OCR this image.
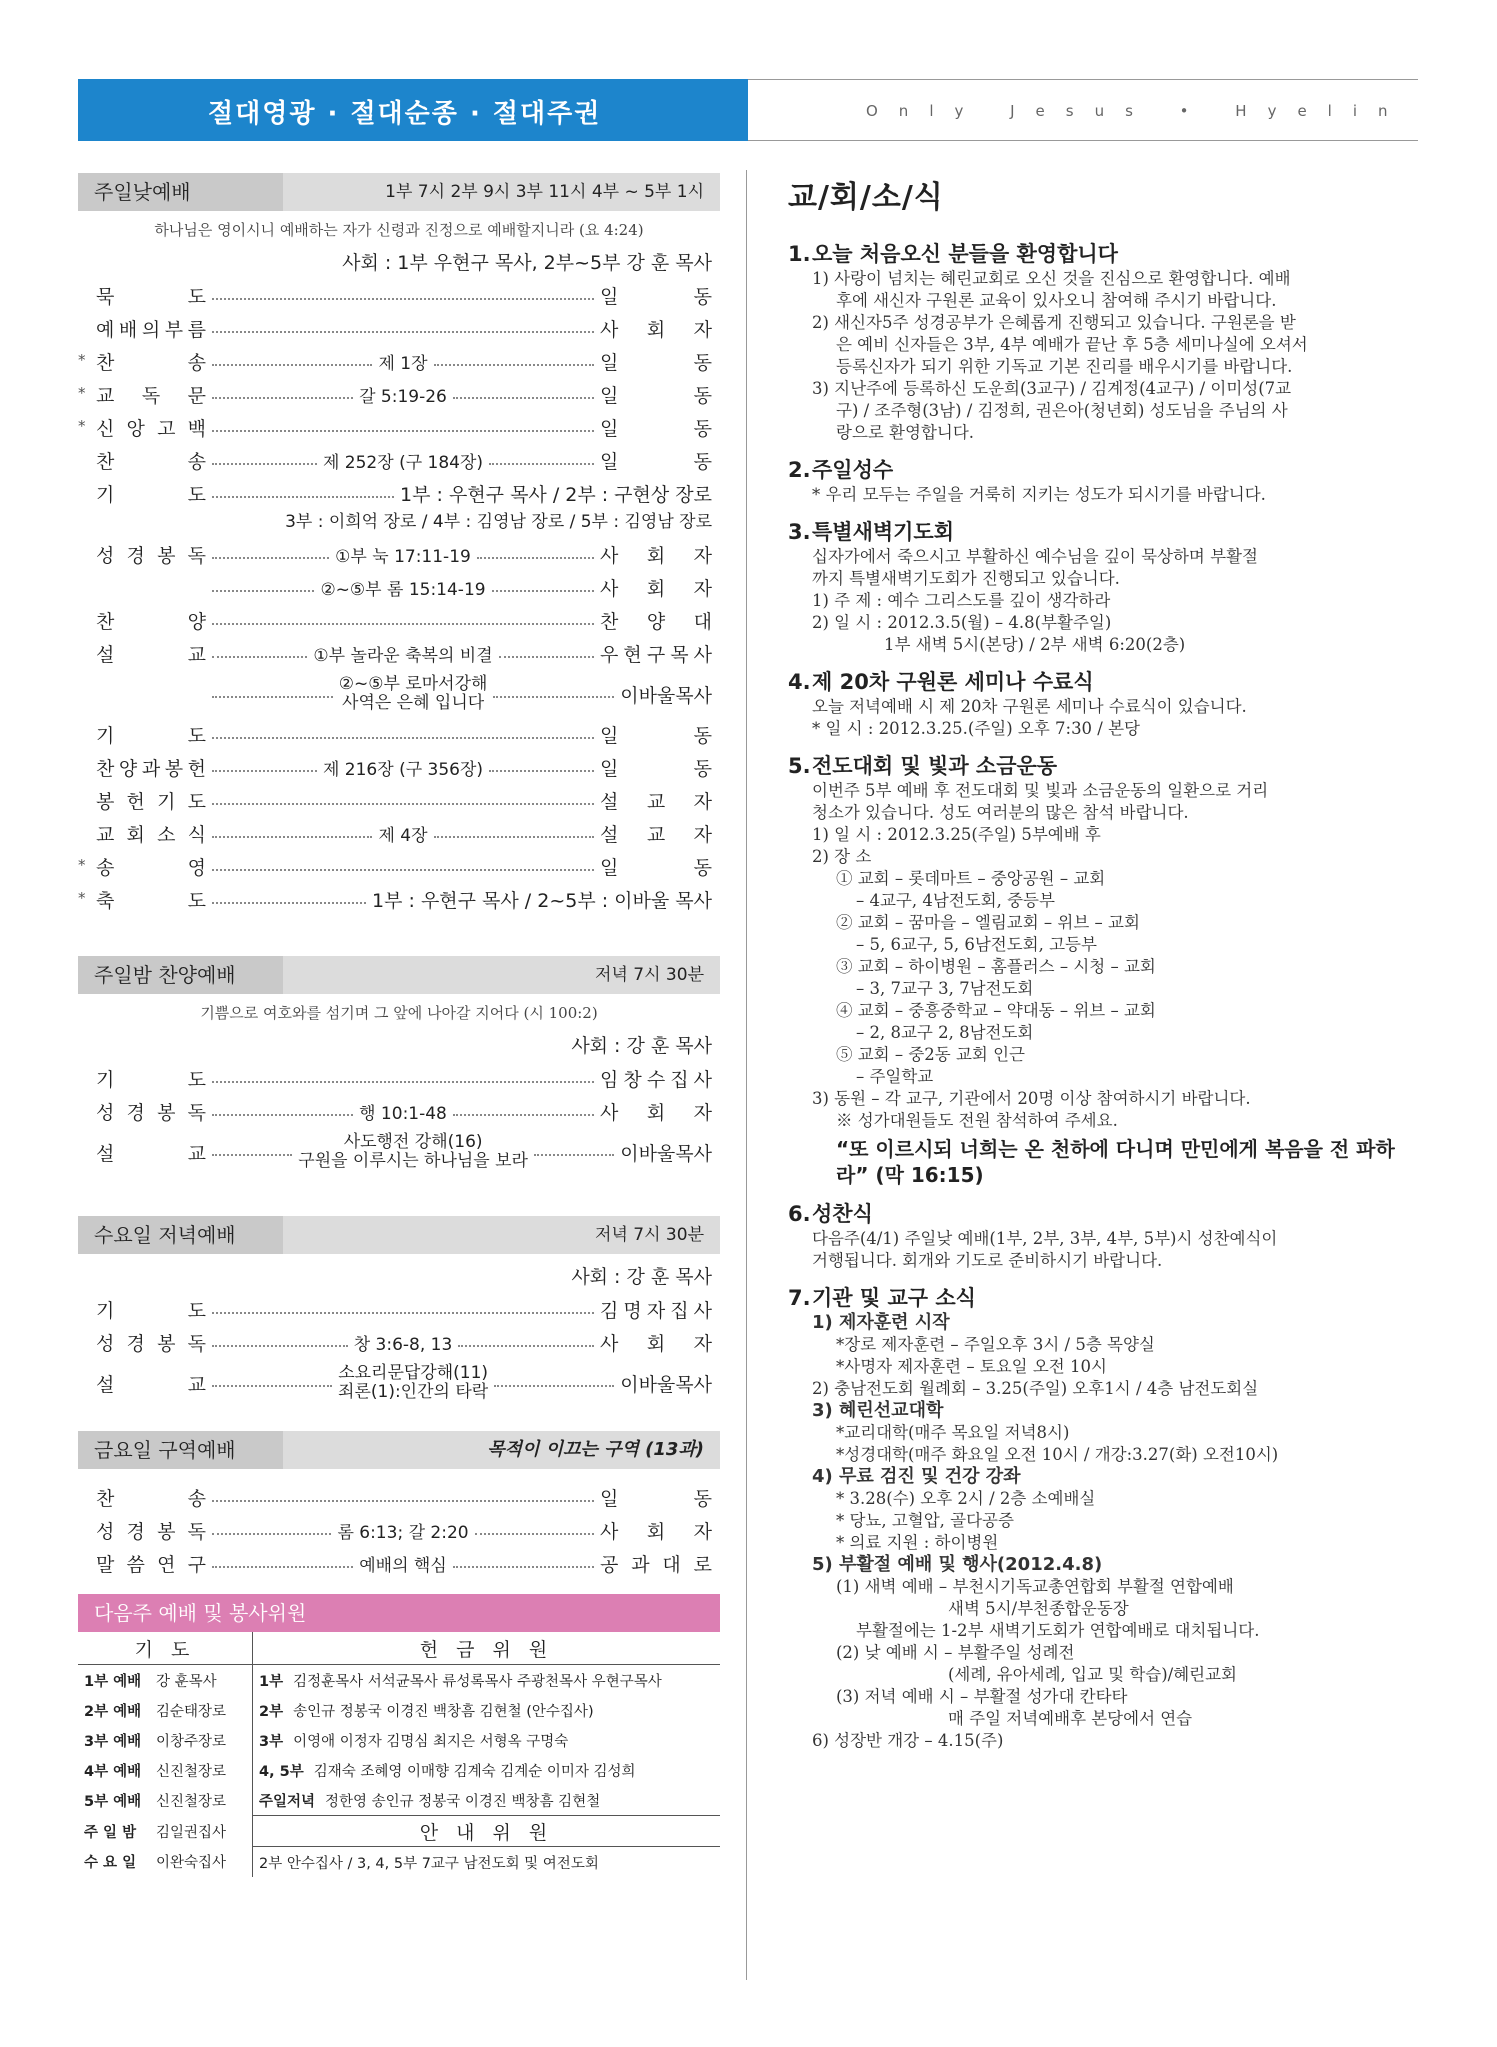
절대영광 · 절대순종 · 절대주권	Only Jesus • Hyelin
주일낮예배	1부 7시 2부 9시 3부 11시 4부 ~ 5부 1시
하나님은 영이시니 예배하는 자가 신령과 진정으로 예배할지니라 (요 4:24)
사회 : 1부 우현구 목사, 2부~5부 강 훈 목사
묵	도	일	동
예 배 의 부 름	사 회 자
* 찬	송	제 1장	일	동
* 교 독 문	갈 5:19-26	일	동
* 신 앙 고 백	일	동
찬	송	제 252장 (구 184장)	일	동
기	도	1부 : 우현구 목사 / 2부 : 구현상 장로
3부 : 이희억 장로 / 4부 : 김영남 장로 / 5부 : 김영남 장로
성 경 봉 독	①부 눅 17:11-19	사 회 자
②~⑤부 롬 15:14-19	사 회 자
찬	양	찬 양 대
설	교	①부 놀라운 축복의 비결	우 현 구 목 사
②~⑤부 로마서강해
사역은 은혜 입니다	이바울목사
기	도	일	동
찬 양 과 봉 헌	제 216장 (구 356장)	일	동
봉 헌 기 도	설 교 자
교 회 소 식	제 4장	설 교 자
* 송	영	일	동
* 축	도	1부 : 우현구 목사 / 2~5부 : 이바울 목사
주일밤 찬양예배	저녁 7시 30분
기쁨으로 여호와를 섬기며 그 앞에 나아갈 지어다 (시 100:2)
사회 : 강 훈 목사
기	도	임 창 수 집 사
성 경 봉 독	행 10:1-48	사 회 자
설	교
사도행전 강해(16)
구원을 이루시는 하나님을 보라	이바울목사
수요일 저녁예배	저녁 7시 30분
사회 : 강 훈 목사
기	도	김 명 자 집 사
성 경 봉 독	창 3:6-8, 13	사 회 자
설	교
소요리문답강해(11)
죄론(1):인간의 타락	이바울목사
금요일 구역예배	목적이 이끄는 구역 (13과)
찬	송	일	동
성 경 봉 독	롬 6:13; 갈 2:20	사 회 자
말 씀 연 구	예배의 핵심	공 과 대 로
다음주 예배 및 봉사위원
기 도		헌 금 위 원
1부 예배	강 훈목사	1부 김정훈목사 서석균목사 류성록목사 주광천목사 우현구목사
2부 예배	김순태장로	2부 송인규 정봉국 이경진 백창흠 김현철 (안수집사)
3부 예배	이창주장로	3부 이영애 이정자 김명심 최지은 서형옥 구명숙
4부 예배	신진철장로	4, 5부 김재숙 조혜영 이매향 김계숙 김계순 이미자 김성희
5부 예배	신진철장로	주일저녁 정한영 송인규 정봉국 이경진 백창흠 김현철
주 일 밤	김일권집사	안 내 위 원
수 요 일	이완숙집사	2부 안수집사 / 3, 4, 5부 7교구 남전도회 및 여전도회
교/회/소/식
1.오늘 처음오신 분들을 환영합니다
1) 사랑이 넘치는 혜린교회로 오신 것을 진심으로 환영합니다. 예배
후에 새신자 구원론 교육이 있사오니 참여해 주시기 바랍니다.
2) 새신자5주 성경공부가 은혜롭게 진행되고 있습니다. 구원론을 받
은 예비 신자들은 3부, 4부 예배가 끝난 후 5층 세미나실에 오셔서
등록신자가 되기 위한 기독교 기본 진리를 배우시기를 바랍니다.
3) 지난주에 등록하신 도운희(3교구) / 김계정(4교구) / 이미성(7교
구) / 조주형(3남) / 김정희, 권은아(청년회) 성도님을 주님의 사
랑으로 환영합니다.
2.주일성수
* 우리 모두는 주일을 거룩히 지키는 성도가 되시기를 바랍니다.
3.특별새벽기도회
십자가에서 죽으시고 부활하신 예수님을 깊이 묵상하며 부활절
까지 특별새벽기도회가 진행되고 있습니다.
1) 주 제 : 예수 그리스도를 깊이 생각하라
2) 일 시 : 2012.3.5(월) – 4.8(부활주일)
1부 새벽 5시(본당) / 2부 새벽 6:20(2층)
4.제 20차 구원론 세미나 수료식
오늘 저녁예배 시 제 20차 구원론 세미나 수료식이 있습니다.
* 일 시 : 2012.3.25.(주일) 오후 7:30 / 본당
5.전도대회 및 빛과 소금운동
이번주 5부 예배 후 전도대회 및 빛과 소금운동의 일환으로 거리
청소가 있습니다. 성도 여러분의 많은 참석 바랍니다.
1) 일 시 : 2012.3.25(주일) 5부예배 후
2) 장 소
① 교회 – 롯데마트 – 중앙공원 – 교회
– 4교구, 4남전도회, 중등부
② 교회 – 꿈마을 – 엘림교회 – 위브 – 교회
– 5, 6교구, 5, 6남전도회, 고등부
③ 교회 – 하이병원 – 홈플러스 – 시청 – 교회
– 3, 7교구 3, 7남전도회
④ 교회 – 중흥중학교 – 약대동 – 위브 – 교회
– 2, 8교구 2, 8남전도회
⑤ 교회 – 중2동 교회 인근
– 주일학교
3) 동원 – 각 교구, 기관에서 20명 이상 참여하시기 바랍니다.
※ 성가대원들도 전원 참석하여 주세요.
“또 이르시되 너희는 온 천하에 다니며 만민에게 복음을 전 파하라” (막 16:15)
6.성찬식
다음주(4/1) 주일낮 예배(1부, 2부, 3부, 4부, 5부)시 성찬예식이
거행됩니다. 회개와 기도로 준비하시기 바랍니다.
7.기관 및 교구 소식
1) 제자훈련 시작
*장로 제자훈련 – 주일오후 3시 / 5층 목양실
*사명자 제자훈련 – 토요일 오전 10시
2) 충남전도회 월례회 – 3.25(주일) 오후1시 / 4층 남전도회실
3) 혜린선교대학
*교리대학(매주 목요일 저녁8시)
*성경대학(매주 화요일 오전 10시 / 개강:3.27(화) 오전10시)
4) 무료 검진 및 건강 강좌
* 3.28(수) 오후 2시 / 2층 소예배실
* 당뇨, 고혈압, 골다공증
* 의료 지원 : 하이병원
5) 부활절 예배 및 행사(2012.4.8)
(1) 새벽 예배 – 부천시기독교총연합회 부활절 연합예배
새벽 5시/부천종합운동장
부활절에는 1-2부 새벽기도회가 연합예배로 대치됩니다.
(2) 낮 예배 시 – 부활주일 성례전
(세례, 유아세례, 입교 및 학습)/혜린교회
(3) 저녁 예배 시 – 부활절 성가대 칸타타
매 주일 저녁예배후 본당에서 연습
6) 성장반 개강 – 4.15(주)
